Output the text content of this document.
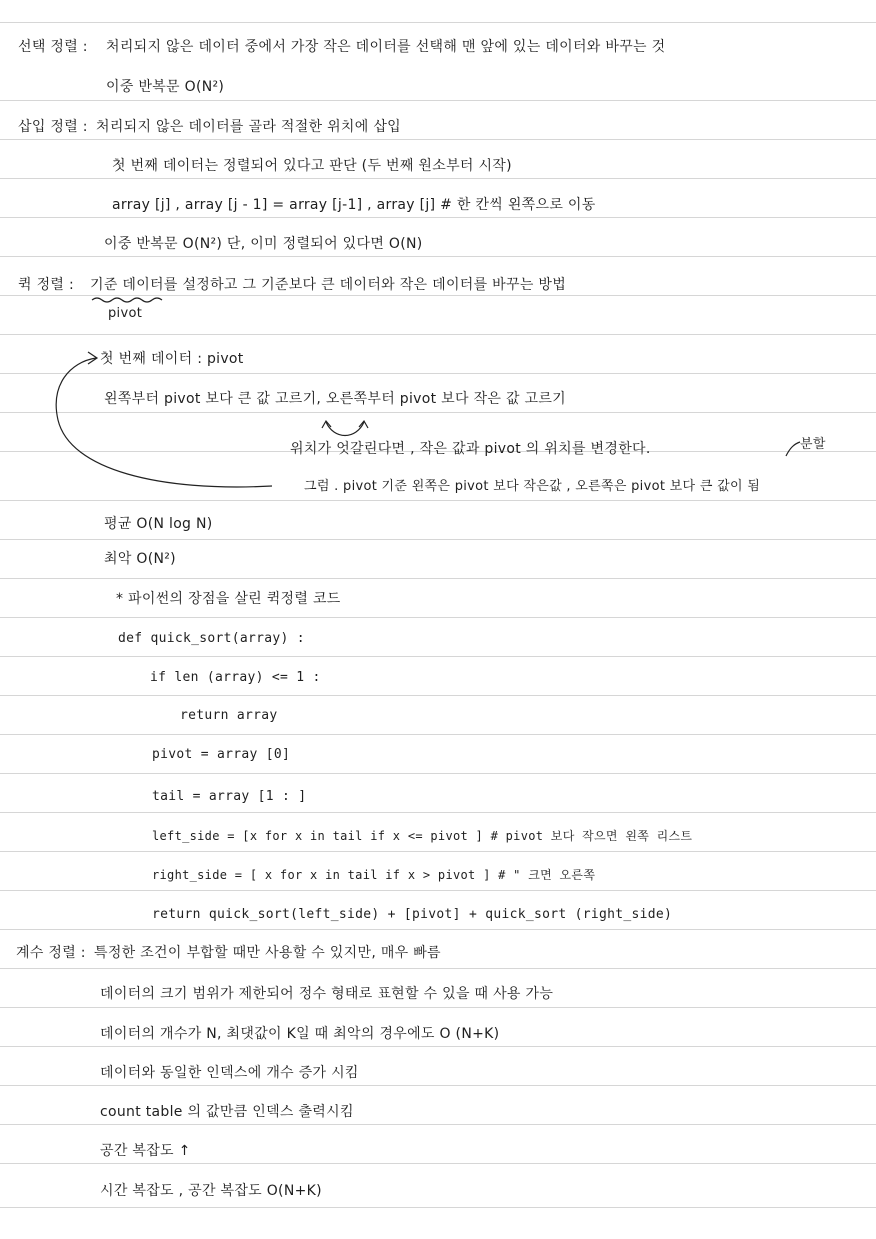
선택 정렬 : 처리되지 않은 데이터 중에서 가장 작은 데이터를 선택해 맨 앞에 있는 데이터와 바꾸는 것
이중 반복문 O(N²)
삽입 정렬 : 처리되지 않은 데이터를 골라 적절한 위치에 삽입
첫 번째 데이터는 정렬되어 있다고 판단 (두 번째 원소부터 시작)
array [j] , array [j - 1] = array [j-1] , array [j] # 한 칸씩 왼쪽으로 이동
이중 반복문 O(N²) 단, 이미 정렬되어 있다면 O(N)
퀵 정렬 : 기준 데이터를 설정하고 그 기준보다 큰 데이터와 작은 데이터를 바꾸는 방법
pivot
첫 번째 데이터 : pivot
왼쪽부터 pivot 보다 큰 값 고르기, 오른쪽부터 pivot 보다 작은 값 고르기
위치가 엇갈린다면 , 작은 값과 pivot 의 위치를 변경한다.	분할
그럼 . pivot 기준 왼쪽은 pivot 보다 작은값 , 오른쪽은 pivot 보다 큰 값이 됨
평균 O(N log N)
최악 O(N²)
* 파이썬의 장점을 살린 퀵정렬 코드
def quick_sort(array) :
if len (array) <= 1 :
return array
pivot = array [0]
tail = array [1 : ]
left_side = [x for x in tail if x <= pivot ] # pivot 보다 작으면 왼쪽 리스트
right_side = [ x for x in tail if x > pivot ] # " 크면 오른쪽
return quick_sort(left_side) + [pivot] + quick_sort (right_side)
계수 정렬 : 특정한 조건이 부합할 때만 사용할 수 있지만, 매우 빠름
데이터의 크기 범위가 제한되어 정수 형태로 표현할 수 있을 때 사용 가능
데이터의 개수가 N, 최댓값이 K일 때 최악의 경우에도 O (N+K)
데이터와 동일한 인덱스에 개수 증가 시킴
count table 의 값만큼 인덱스 출력시킴
공간 복잡도 ↑
시간 복잡도 , 공간 복잡도 O(N+K)
